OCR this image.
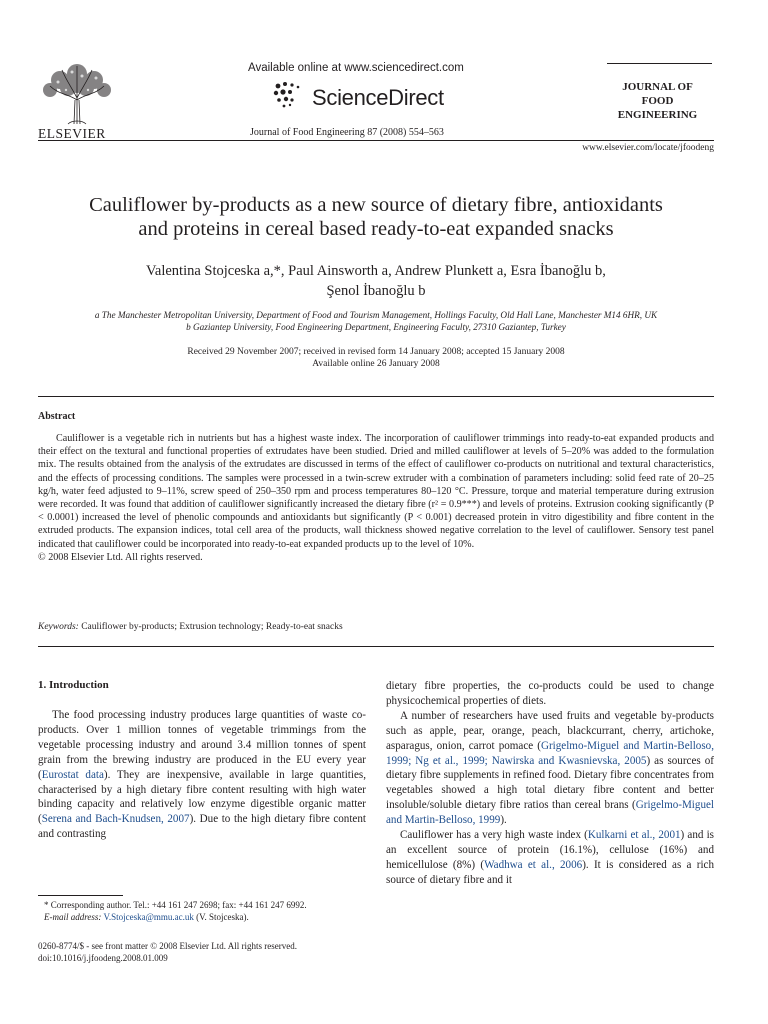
ELSEVIER
Available online at www.sciencedirect.com
ScienceDirect
Journal of Food Engineering 87 (2008) 554–563
JOURNAL OF
FOOD
ENGINEERING
www.elsevier.com/locate/jfoodeng
Cauliflower by-products as a new source of dietary fibre, antioxidants
and proteins in cereal based ready-to-eat expanded snacks
Valentina Stojceska a,*, Paul Ainsworth a, Andrew Plunkett a, Esra İbanoğlu b,
Şenol İbanoğlu b
a The Manchester Metropolitan University, Department of Food and Tourism Management, Hollings Faculty, Old Hall Lane, Manchester M14 6HR, UK
b Gaziantep University, Food Engineering Department, Engineering Faculty, 27310 Gaziantep, Turkey
Received 29 November 2007; received in revised form 14 January 2008; accepted 15 January 2008
Available online 26 January 2008
Abstract

Cauliflower is a vegetable rich in nutrients but has a highest waste index. The incorporation of cauliflower trimmings into ready-to-eat expanded products and their effect on the textural and functional properties of extrudates have been studied. Dried and milled cauliflower at levels of 5–20% was added to the formulation mix. The results obtained from the analysis of the extrudates are discussed in terms of the effect of cauliflower co-products on nutritional and textural characteristics, and the effects of processing conditions. The samples were processed in a twin-screw extruder with a combination of parameters including: solid feed rate of 20–25 kg/h, water feed adjusted to 9–11%, screw speed of 250–350 rpm and process temperatures 80–120 °C. Pressure, torque and material temperature during extrusion were recorded. It was found that addition of cauliflower significantly increased the dietary fibre (r² = 0.9***) and levels of proteins. Extrusion cooking significantly (P < 0.0001) increased the level of phenolic compounds and antioxidants but significantly (P < 0.001) decreased protein in vitro digestibility and fibre content in the extruded products. The expansion indices, total cell area of the products, wall thickness showed negative correlation to the level of cauliflower. Sensory test panel indicated that cauliflower could be incorporated into ready-to-eat expanded products up to the level of 10%.

© 2008 Elsevier Ltd. All rights reserved.
Keywords: Cauliflower by-products; Extrusion technology; Ready-to-eat snacks
1. Introduction

The food processing industry produces large quantities of waste co-products. Over 1 million tonnes of vegetable trimmings from the vegetable processing industry and around 3.4 million tonnes of spent grain from the brewing industry are produced in the EU every year (Eurostat data). They are inexpensive, available in large quantities, characterised by a high dietary fibre content resulting with high water binding capacity and relatively low enzyme digestible organic matter (Serena and Bach-Knudsen, 2007). Due to the high dietary fibre content and contrasting

* Corresponding author. Tel.: +44 161 247 2698; fax: +44 161 247 6992.
E-mail address: V.Stojceska@mmu.ac.uk (V. Stojceska).
0260-8774/$ - see front matter © 2008 Elsevier Ltd. All rights reserved.
doi:10.1016/j.jfoodeng.2008.01.009

dietary fibre properties, the co-products could be used to change physicochemical properties of diets.

A number of researchers have used fruits and vegetable by-products such as apple, pear, orange, peach, blackcurrant, cherry, artichoke, asparagus, onion, carrot pomace (Grigelmo-Miguel and Martin-Belloso, 1999; Ng et al., 1999; Nawirska and Kwasnievska, 2005) as sources of dietary fibre supplements in refined food. Dietary fibre concentrates from vegetables showed a high total dietary fibre content and better insoluble/soluble dietary fibre ratios than cereal brans (Grigelmo-Miguel and Martin-Belloso, 1999).

Cauliflower has a very high waste index (Kulkarni et al., 2001) and is an excellent source of protein (16.1%), cellulose (16%) and hemicellulose (8%) (Wadhwa et al., 2006). It is considered as a rich source of dietary fibre and it
